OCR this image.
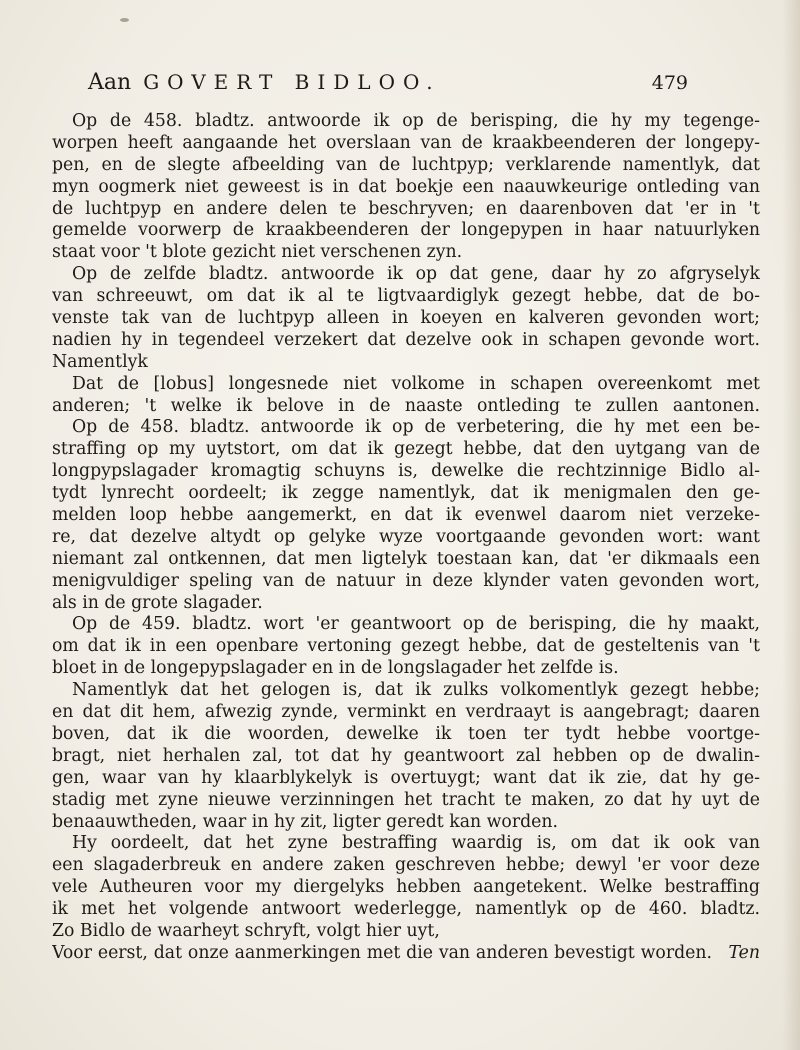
Aan GOVERT BIDLOO.	479
Op de 458. bladtz. antwoorde ik op de berisping, die hy my tegenge-
worpen heeft aangaande het overslaan van de kraakbeenderen der longepy-
pen, en de slegte afbeelding van de luchtpyp; verklarende namentlyk, dat
myn oogmerk niet geweest is in dat boekje een naauwkeurige ontleding van
de luchtpyp en andere delen te beschryven; en daarenboven dat 'er in 't
gemelde voorwerp de kraakbeenderen der longepypen in haar natuurlyken
staat voor 't blote gezicht niet verschenen zyn.
Op de zelfde bladtz. antwoorde ik op dat gene, daar hy zo afgryselyk
van schreeuwt, om dat ik al te ligtvaardiglyk gezegt hebbe, dat de bo-
venste tak van de luchtpyp alleen in koeyen en kalveren gevonden wort;
nadien hy in tegendeel verzekert dat dezelve ook in schapen gevonde wort.
Namentlyk
Dat de [lobus] longesnede niet volkome in schapen overeenkomt met
anderen; 't welke ik belove in de naaste ontleding te zullen aantonen.
Op de 458. bladtz. antwoorde ik op de verbetering, die hy met een be-
straffing op my uytstort, om dat ik gezegt hebbe, dat den uytgang van de
longpypslagader kromagtig schuyns is, dewelke die rechtzinnige Bidlo al-
tydt lynrecht oordeelt; ik zegge namentlyk, dat ik menigmalen den ge-
melden loop hebbe aangemerkt, en dat ik evenwel daarom niet verzeke-
re, dat dezelve altydt op gelyke wyze voortgaande gevonden wort: want
niemant zal ontkennen, dat men ligtelyk toestaan kan, dat 'er dikmaals een
menigvuldiger speling van de natuur in deze klynder vaten gevonden wort,
als in de grote slagader.
Op de 459. bladtz. wort 'er geantwoort op de berisping, die hy maakt,
om dat ik in een openbare vertoning gezegt hebbe, dat de gesteltenis van 't
bloet in de longepypslagader en in de longslagader het zelfde is.
Namentlyk dat het gelogen is, dat ik zulks volkomentlyk gezegt hebbe;
en dat dit hem, afwezig zynde, verminkt en verdraayt is aangebragt; daaren
boven, dat ik die woorden, dewelke ik toen ter tydt hebbe voortge-
bragt, niet herhalen zal, tot dat hy geantwoort zal hebben op de dwalin-
gen, waar van hy klaarblykelyk is overtuygt; want dat ik zie, dat hy ge-
stadig met zyne nieuwe verzinningen het tracht te maken, zo dat hy uyt de
benaauwtheden, waar in hy zit, ligter geredt kan worden.
Hy oordeelt, dat het zyne bestraffing waardig is, om dat ik ook van
een slagaderbreuk en andere zaken geschreven hebbe; dewyl 'er voor deze
vele Autheuren voor my diergelyks hebben aangetekent. Welke bestraffing
ik met het volgende antwoort wederlegge, namentlyk op de 460. bladtz.
Zo Bidlo de waarheyt schryft, volgt hier uyt,
Voor eerst, dat onze aanmerkingen met die van anderen bevestigt worden. Ten
